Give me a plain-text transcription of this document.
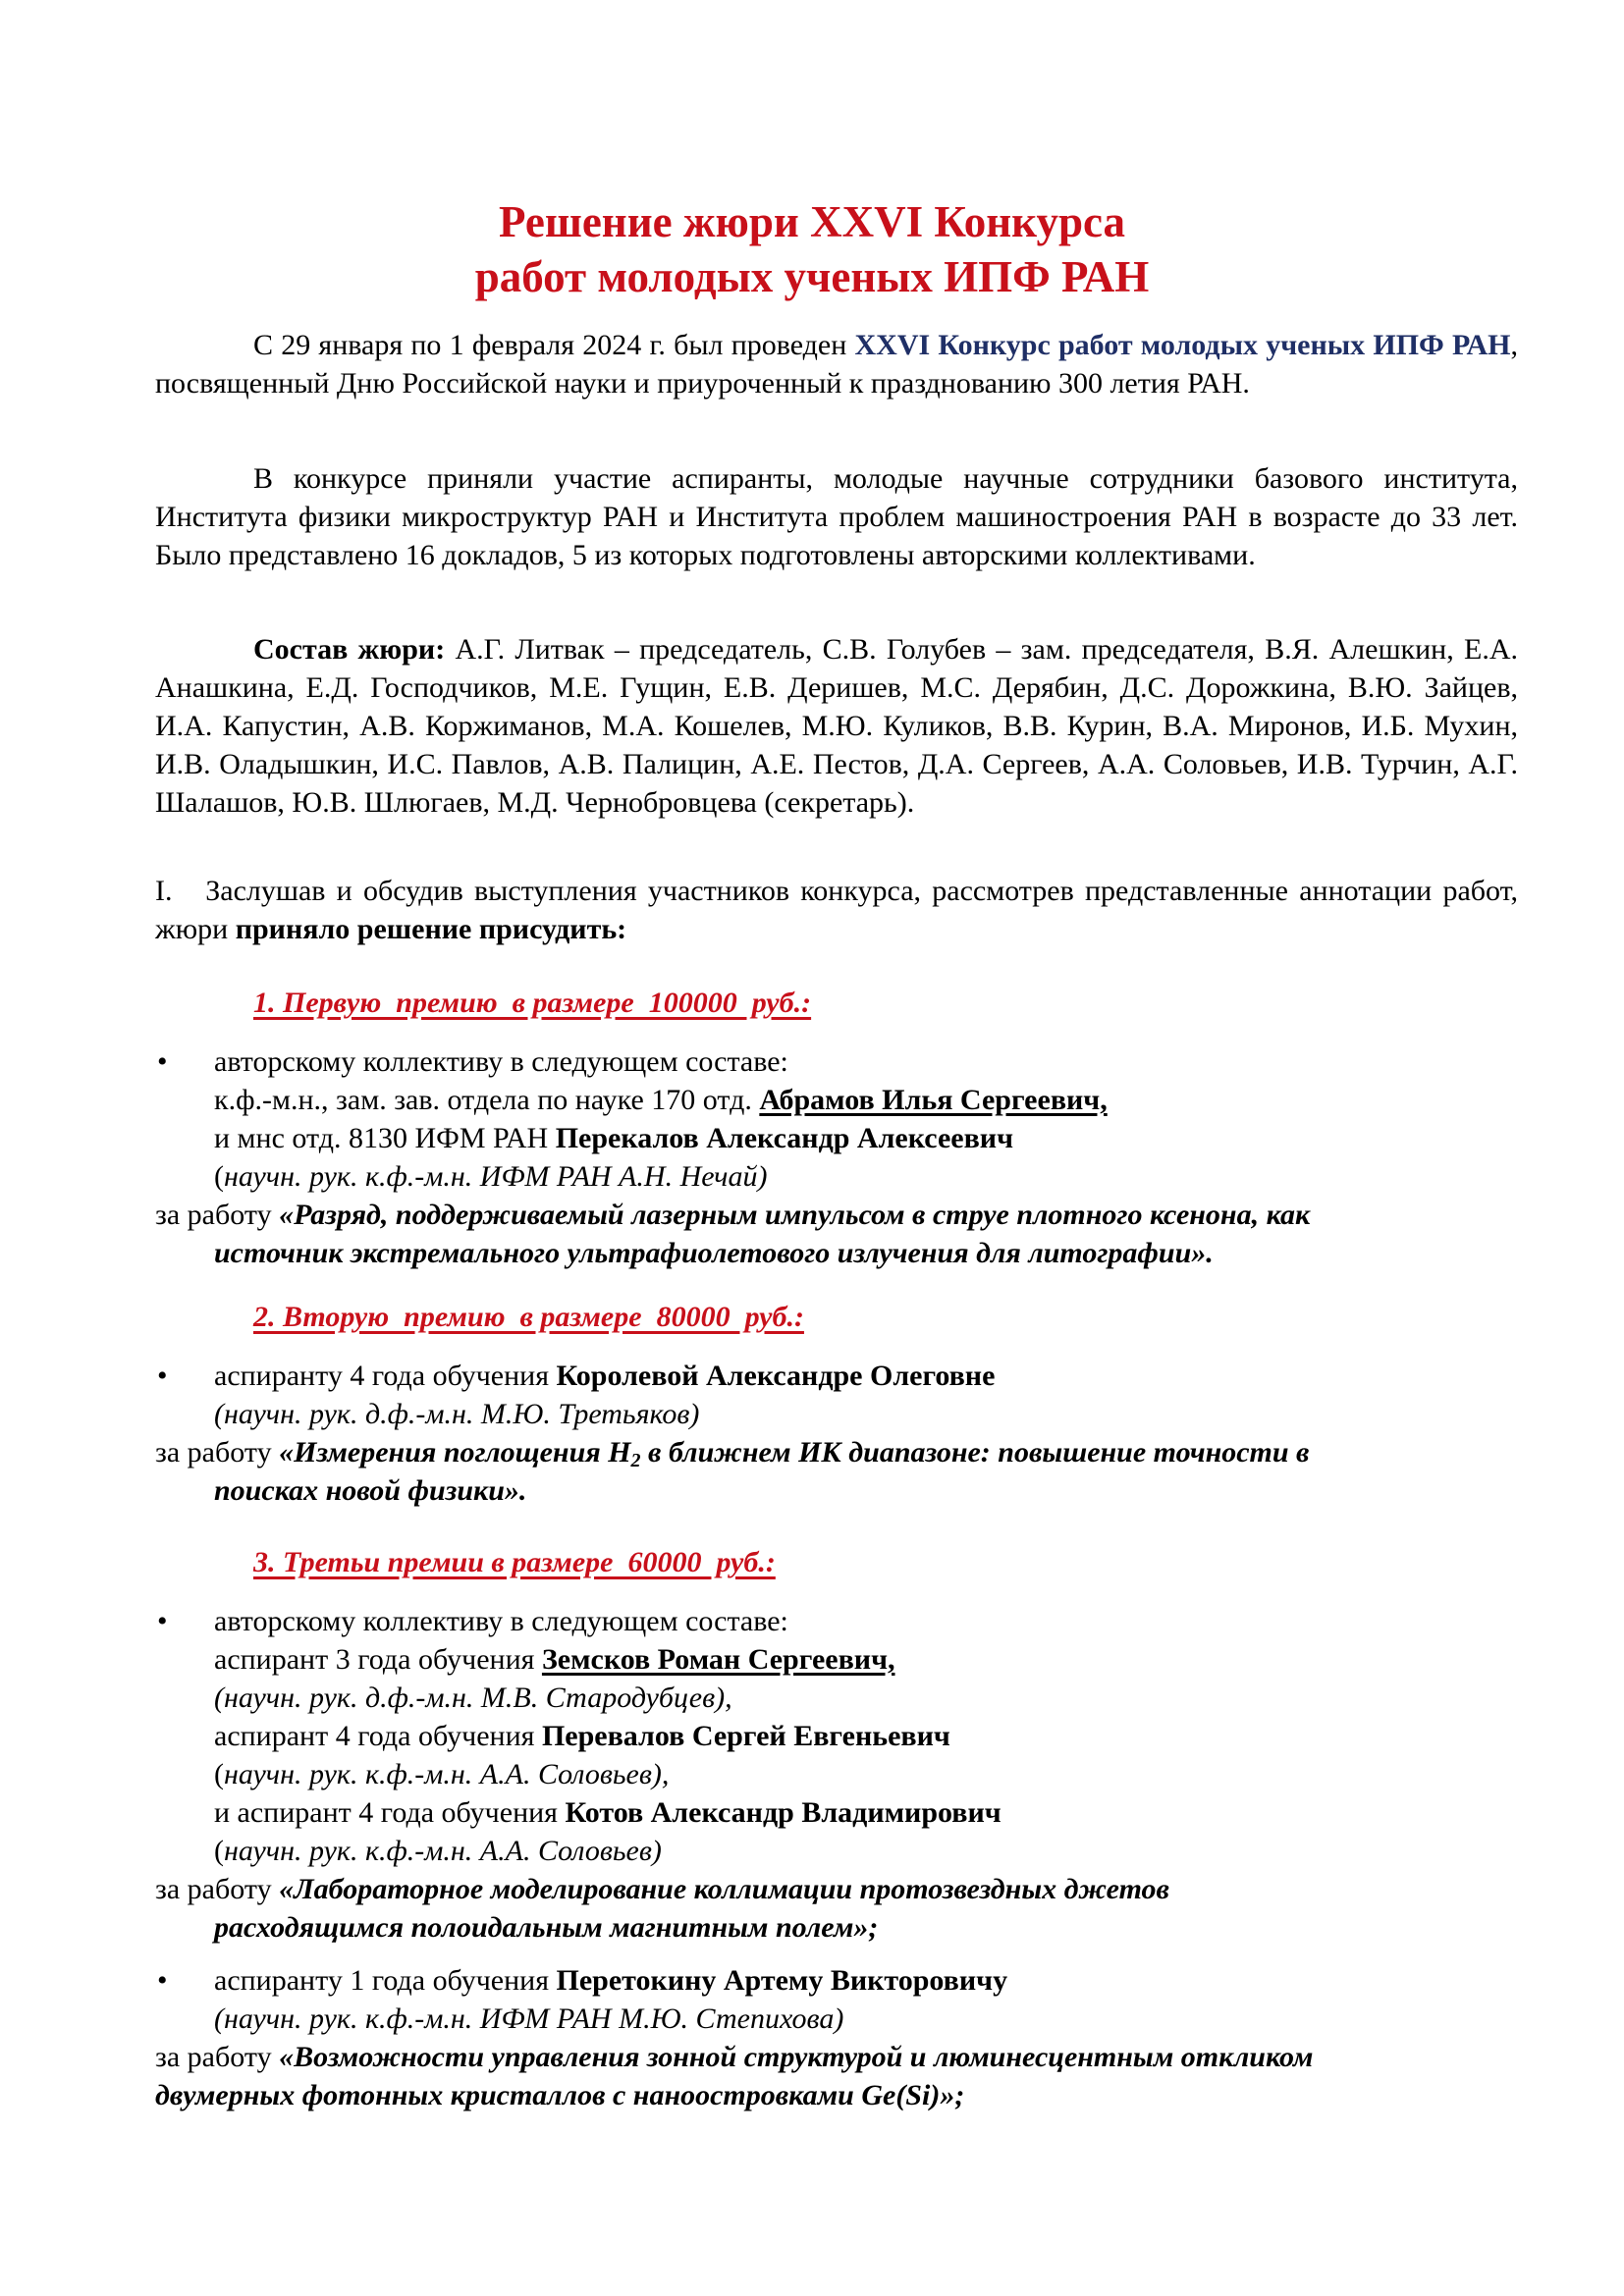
Решение жюри XXVI Конкурса
работ молодых ученых ИПФ РАН

С 29 января по 1 февраля 2024 г. был проведен XXVI Конкурс работ молодых ученых ИПФ РАН, посвященный Дню Российской науки и приуроченный к празднованию 300 летия РАН.

В конкурсе приняли участие аспиранты, молодые научные сотрудники базового института, Института физики микроструктур РАН и Института проблем машиностроения РАН в возрасте до 33 лет. Было представлено 16 докладов, 5 из которых подготовлены авторскими коллективами.

Состав жюри: А.Г. Литвак – председатель, С.В. Голубев – зам. председателя, В.Я. Алешкин, Е.А. Анашкина, Е.Д. Господчиков, М.Е. Гущин, Е.В. Деришев, М.С. Дерябин, Д.С. Дорожкина, В.Ю. Зайцев, И.А. Капустин, А.В. Коржиманов, М.А. Кошелев, М.Ю. Куликов, В.В. Курин, В.А. Миронов, И.Б. Мухин, И.В. Оладышкин, И.С. Павлов, А.В. Палицин, А.Е. Пестов, Д.А. Сергеев, А.А. Соловьев, И.В. Турчин, А.Г. Шалашов, Ю.В. Шлюгаев, М.Д. Чернобровцева (секретарь).

I.   Заслушав и обсудив выступления участников конкурса, рассмотрев представленные аннотации работ, жюри приняло решение присудить:

1. Первую  премию  в размере  100000  руб.:
• авторскому коллективу в следующем составе:
к.ф.-м.н., зам. зав. отдела по науке 170 отд. Абрамов Илья Сергеевич,
и мнс отд. 8130 ИФМ РАН Перекалов Александр Алексеевич
(научн. рук. к.ф.-м.н. ИФМ РАН А.Н. Нечай)
за работу «Разряд, поддерживаемый лазерным импульсом в струе плотного ксенона, как
источник экстремального ультрафиолетового излучения для литографии».
2. Вторую  премию  в размере  80000  руб.:
• аспиранту 4 года обучения Королевой Александре Олеговне
(научн. рук. д.ф.-м.н. М.Ю. Третьяков)
за работу «Измерения поглощения $H_2$ в ближнем ИК диапазоне: повышение точности в
поисках новой физики».
3. Третьи премии в размере  60000  руб.:
• авторскому коллективу в следующем составе:
аспирант 3 года обучения Земсков Роман Сергеевич,
(научн. рук. д.ф.-м.н. М.В. Стародубцев),
аспирант 4 года обучения Перевалов Сергей Евгеньевич
(научн. рук. к.ф.-м.н. А.А. Соловьев),
и аспирант 4 года обучения Котов Александр Владимирович
(научн. рук. к.ф.-м.н. А.А. Соловьев)
за работу «Лабораторное моделирование коллимации протозвездных джетов
расходящимся полоидальным магнитным полем»;
• аспиранту 1 года обучения Перетокину Артему Викторовичу
(научн. рук. к.ф.-м.н. ИФМ РАН М.Ю. Степихова)
за работу «Возможности управления зонной структурой и люминесцентным откликом
двумерных фотонных кристаллов с наноостровками Ge(Si)»;
